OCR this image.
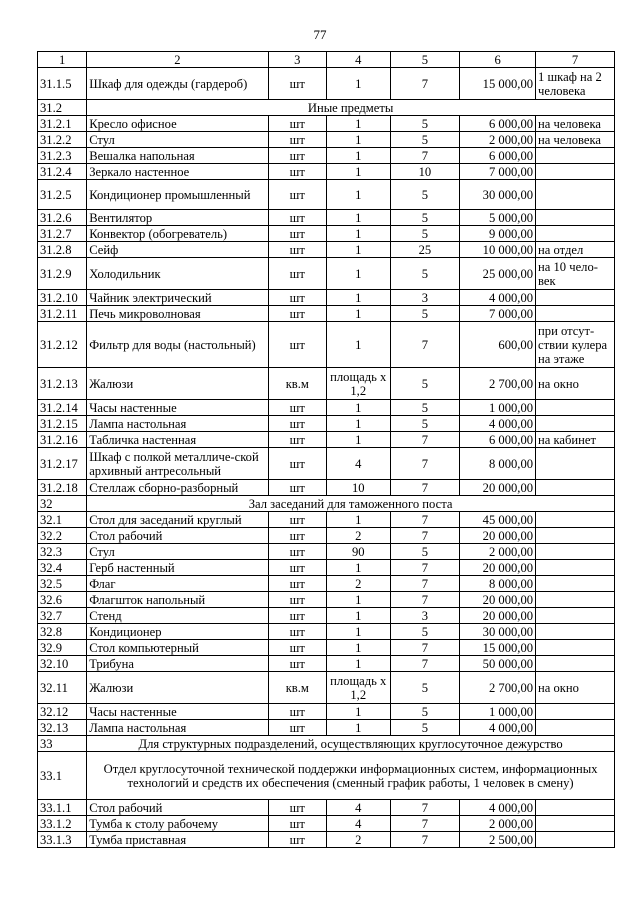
77
1	2	3	4	5	6	7
31.1.5	Шкаф для одежды (гардероб)	шт	1	7	15 000,00	1 шкаф на 2 человека
31.2	Иные предметы					
31.2.1	Кресло офисное	шт	1	5	6 000,00	на человека
31.2.2	Стул	шт	1	5	2 000,00	на человека
31.2.3	Вешалка напольная	шт	1	7	6 000,00	
31.2.4	Зеркало настенное	шт	1	10	7 000,00	
31.2.5	Кондиционер промышленный	шт	1	5	30 000,00	
31.2.6	Вентилятор	шт	1	5	5 000,00	
31.2.7	Конвектор (обогреватель)	шт	1	5	9 000,00	
31.2.8	Сейф	шт	1	25	10 000,00	на отдел
31.2.9	Холодильник	шт	1	5	25 000,00	на 10 чело-век
31.2.10	Чайник электрический	шт	1	3	4 000,00	
31.2.11	Печь микроволновая	шт	1	5	7 000,00	
31.2.12	Фильтр для воды (настольный)	шт	1	7	600,00	при отсут-ствии кулера на этаже
31.2.13	Жалюзи	кв.м	площадь х 1,2	5	2 700,00	на окно
31.2.14	Часы настенные	шт	1	5	1 000,00	
31.2.15	Лампа настольная	шт	1	5	4 000,00	
31.2.16	Табличка настенная	шт	1	7	6 000,00	на кабинет
31.2.17	Шкаф с полкой металличе-ской архивный антресольный	шт	4	7	8 000,00	
31.2.18	Стеллаж сборно-разборный	шт	10	7	20 000,00	
32	Зал заседаний для таможенного поста					
32.1	Стол для заседаний круглый	шт	1	7	45 000,00	
32.2	Стол рабочий	шт	2	7	20 000,00	
32.3	Стул	шт	90	5	2 000,00	
32.4	Герб настенный	шт	1	7	20 000,00	
32.5	Флаг	шт	2	7	8 000,00	
32.6	Флагшток напольный	шт	1	7	20 000,00	
32.7	Стенд	шт	1	3	20 000,00	
32.8	Кондиционер	шт	1	5	30 000,00	
32.9	Стол компьютерный	шт	1	7	15 000,00	
32.10	Трибуна	шт	1	7	50 000,00	
32.11	Жалюзи	кв.м	площадь х 1,2	5	2 700,00	на окно
32.12	Часы настенные	шт	1	5	1 000,00	
32.13	Лампа настольная	шт	1	5	4 000,00	
33	Для структурных подразделений, осуществляющих круглосуточное дежурство					
33.1	Отдел круглосуточной технической поддержки информационных систем, информационных технологий и средств их обеспечения (сменный график работы, 1 человек в смену)					
33.1.1	Стол рабочий	шт	4	7	4 000,00	
33.1.2	Тумба к столу рабочему	шт	4	7	2 000,00	
33.1.3	Тумба приставная	шт	2	7	2 500,00	
